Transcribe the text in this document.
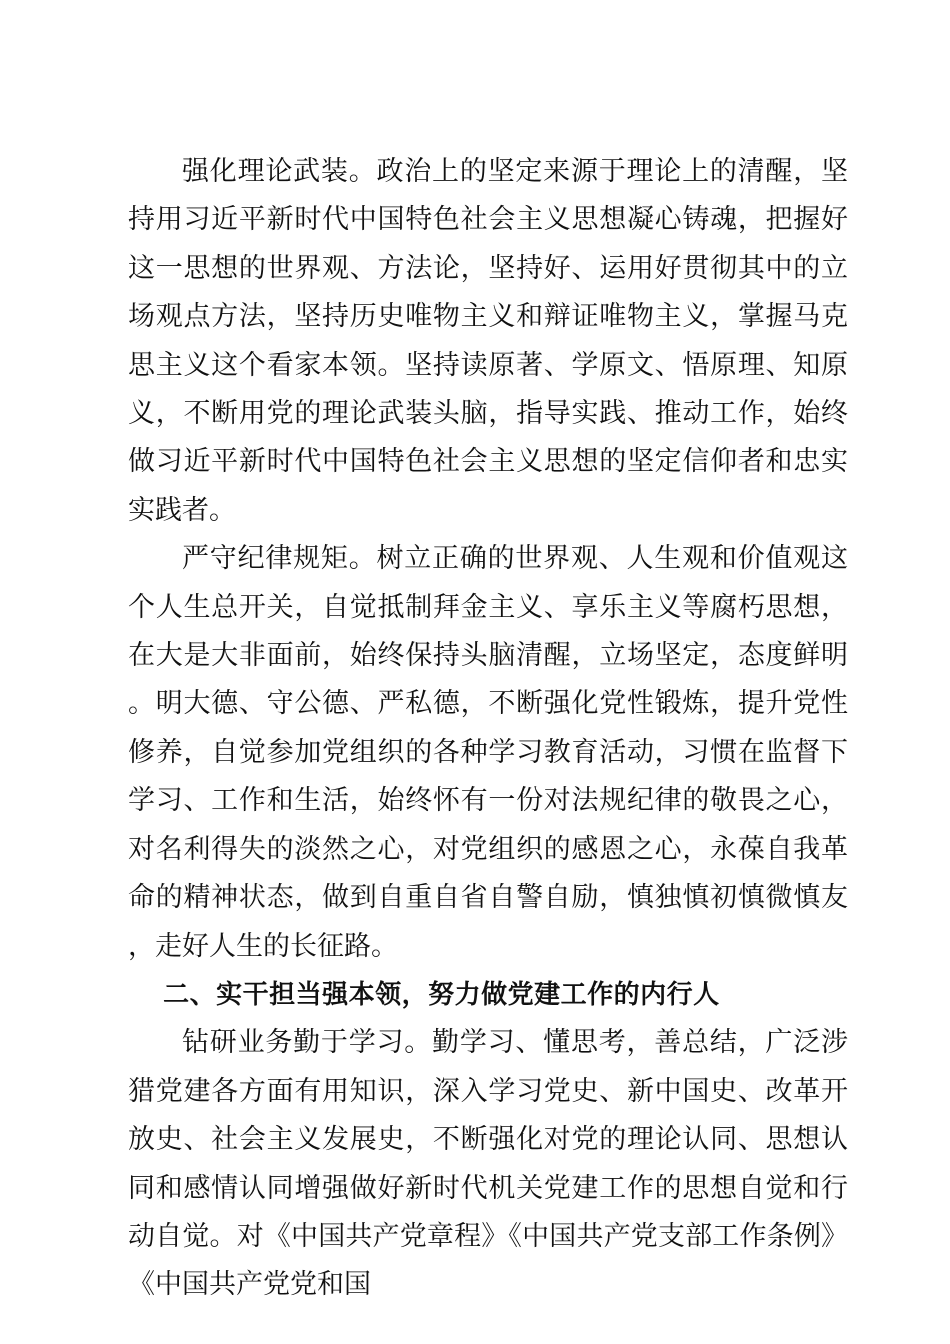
强化理论武装。政治上的坚定来源于理论上的清醒，坚持用习近平新时代中国特色社会主义思想凝心铸魂，把握好这一思想的世界观、方法论，坚持好、运用好贯彻其中的立场观点方法，坚持历史唯物主义和辩证唯物主义，掌握马克思主义这个看家本领。坚持读原著、学原文、悟原理、知原义，不断用党的理论武装头脑，指导实践、推动工作，始终做习近平新时代中国特色社会主义思想的坚定信仰者和忠实实践者。

严守纪律规矩。树立正确的世界观、人生观和价值观这个人生总开关，自觉抵制拜金主义、享乐主义等腐朽思想，在大是大非面前，始终保持头脑清醒，立场坚定，态度鲜明。明大德、守公德、严私德，不断强化党性锻炼，提升党性修养，自觉参加党组织的各种学习教育活动，习惯在监督下学习、工作和生活，始终怀有一份对法规纪律的敬畏之心，对名利得失的淡然之心，对党组织的感恩之心，永葆自我革命的精神状态，做到自重自省自警自励，慎独慎初慎微慎友，走好人生的长征路。

二、实干担当强本领，努力做党建工作的内行人

钻研业务勤于学习。勤学习、懂思考，善总结，广泛涉猎党建各方面有用知识，深入学习党史、新中国史、改革开放史、社会主义发展史，不断强化对党的理论认同、思想认同和感情认同增强做好新时代机关党建工作的思想自觉和行动自觉。对《中国共产党章程》《中国共产党支部工作条例》《中国共产党党和国
